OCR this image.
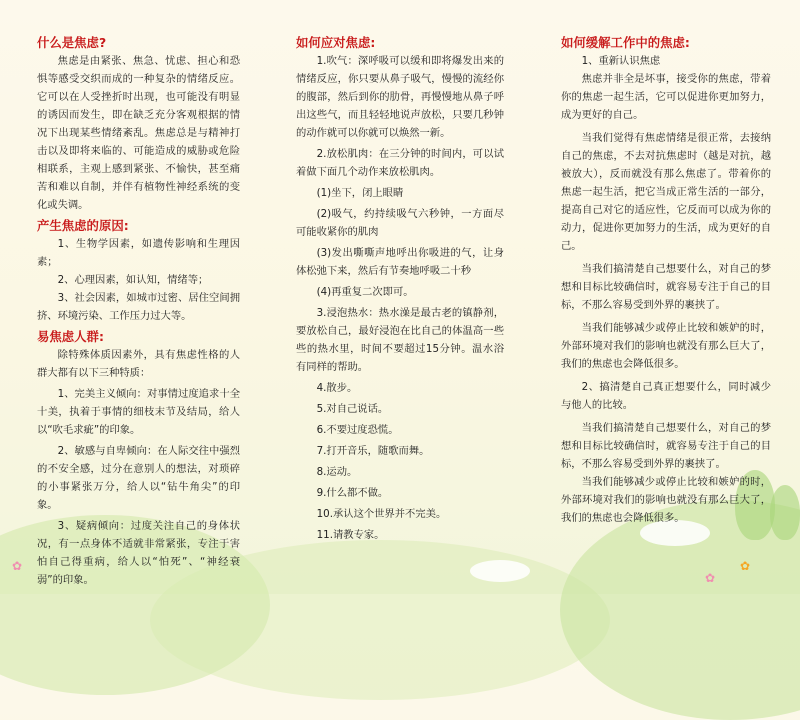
✿
✿
✿
什么是焦虑?
焦虑是由紧张、焦急、忧虑、担心和恐惧等感受交织而成的一种复杂的情绪反应。它可以在人受挫折时出现，也可能没有明显的诱因而发生，即在缺乏充分客观根据的情况下出现某些情绪紊乱。焦虑总是与精神打击以及即将来临的、可能造成的威胁或危险相联系，主观上感到紧张、不愉快，甚至痛苦和难以自制，并伴有植物性神经系统的变化或失调。
产生焦虑的原因:
1、生物学因素，如遗传影响和生理因素；
2、心理因素，如认知，情绪等；
3、社会因素，如城市过密、居住空间拥挤、环境污染、工作压力过大等。
易焦虑人群:
除特殊体质因素外，具有焦虑性格的人群大都有以下三种特质：
1、完美主义倾向：对事情过度追求十全十美，执着于事情的细枝末节及结局，给人以“吹毛求疵”的印象。
2、敏感与自卑倾向：在人际交往中强烈的不安全感，过分在意别人的想法，对琐碎的小事紧张万分，给人以“钻牛角尖”的印象。
3、疑病倾向：过度关注自己的身体状况，有一点身体不适就非常紧张，专注于害怕自己得重病，给人以“怕死”、“神经衰弱”的印象。
如何应对焦虑:
1.吹气：深呼吸可以缓和即将爆发出来的情绪反应，你只要从鼻子吸气，慢慢的流经你的腹部，然后到你的肋骨，再慢慢地从鼻子呼出这些气，而且轻轻地说声放松，只要几秒钟的动作就可以你就可以焕然一新。
2.放松肌肉：在三分钟的时间内，可以试着做下面几个动作来放松肌肉。
(1)坐下，闭上眼睛
(2)吸气，约持续吸气六秒钟，一方面尽可能收紧你的肌肉
(3)发出嘶嘶声地呼出你吸进的气，让身体松弛下来，然后有节奏地呼吸二十秒
(4)再重复二次即可。
3.浸泡热水：热水澡是最古老的镇静剂，要放松自己，最好浸泡在比自己的体温高一些些的热水里，时间不要超过15分钟。温水浴有同样的帮助。
4.散步。
5.对自己说话。
6.不要过度恐慌。
7.打开音乐，随歌而舞。
8.运动。
9.什么都不做。
10.承认这个世界并不完美。
11.请教专家。
如何缓解工作中的焦虑:
1、重新认识焦虑
焦虑并非全是坏事，接受你的焦虑，带着你的焦虑一起生活，它可以促进你更加努力，成为更好的自己。
当我们觉得有焦虑情绪是很正常，去接纳自己的焦虑，不去对抗焦虑时（越是对抗，越被放大），反而就没有那么焦虑了。带着你的焦虑一起生活，把它当成正常生活的一部分，提高自己对它的适应性，它反而可以成为你的动力，促进你更加努力的生活，成为更好的自己。
当我们搞清楚自己想要什么，对自己的梦想和目标比较确信时，就容易专注于自己的目标，不那么容易受到外界的裹挟了。
当我们能够减少或停止比较和嫉妒的时，外部环境对我们的影响也就没有那么巨大了，我们的焦虑也会降低很多。
2、搞清楚自己真正想要什么，同时减少与他人的比较。
当我们搞清楚自己想要什么，对自己的梦想和目标比较确信时，就容易专注于自己的目标，不那么容易受到外界的裹挟了。
当我们能够减少或停止比较和嫉妒的时，外部环境对我们的影响也就没有那么巨大了，我们的焦虑也会降低很多。
